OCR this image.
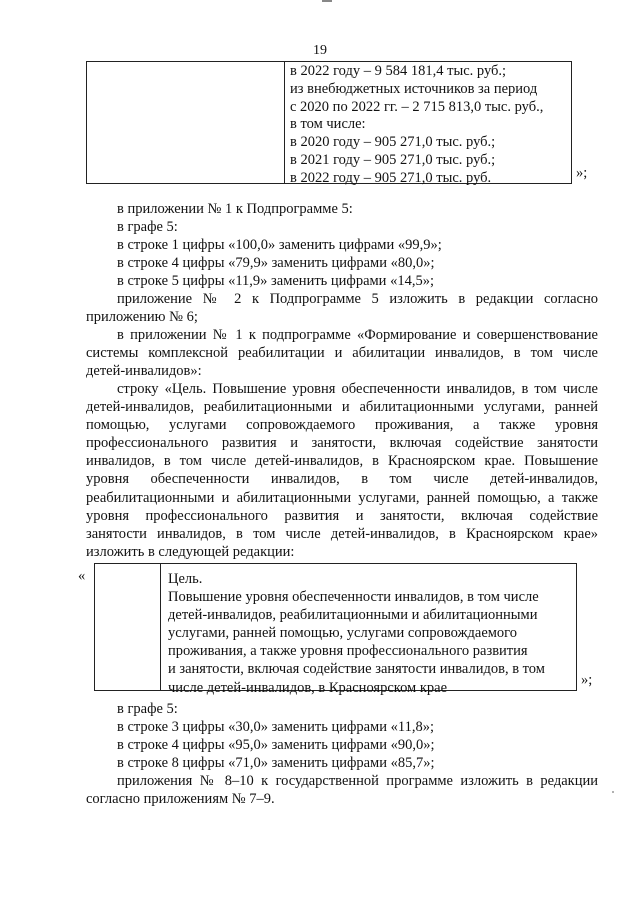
19
в 2022 году – 9 584 181,4 тыс. руб.;
из внебюджетных источников за период
с 2020 по 2022 гг. – 2 715 813,0 тыс. руб.,
в том числе:
в 2020 году – 905 271,0 тыс. руб.;
в 2021 году – 905 271,0 тыс. руб.;
в 2022 году – 905 271,0 тыс. руб.	»;
в приложении № 1 к Подпрограмме 5:
в графе 5:
в строке 1 цифры «100,0» заменить цифрами «99,9»;
в строке 4 цифры «79,9» заменить цифрами «80,0»;
в строке 5 цифры «11,9» заменить цифрами «14,5»;
приложение № 2 к Подпрограмме 5 изложить в редакции согласно
приложению № 6;
в приложении № 1 к подпрограмме «Формирование и совершенствование
системы комплексной реабилитации и абилитации инвалидов, в том числе
детей-инвалидов»:
строку «Цель. Повышение уровня обеспеченности инвалидов, в том числе
детей-инвалидов, реабилитационными и абилитационными услугами, ранней
помощью, услугами сопровождаемого проживания, а также уровня
профессионального развития и занятости, включая содействие занятости
инвалидов, в том числе детей-инвалидов, в Красноярском крае. Повышение
уровня обеспеченности инвалидов, в том числе детей-инвалидов,
реабилитационными и абилитационными услугами, ранней помощью, а также
уровня профессионального развития и занятости, включая содействие
занятости инвалидов, в том числе детей-инвалидов, в Красноярском крае»
изложить в следующей редакции:
«	Цель.
Повышение уровня обеспеченности инвалидов, в том числе
детей-инвалидов, реабилитационными и абилитационными
услугами, ранней помощью, услугами сопровождаемого
проживания, а также уровня профессионального развития
и занятости, включая содействие занятости инвалидов, в том
числе детей-инвалидов, в Красноярском крае	»;
в графе 5:
в строке 3 цифры «30,0» заменить цифрами «11,8»;
в строке 4 цифры «95,0» заменить цифрами «90,0»;
в строке 8 цифры «71,0» заменить цифрами «85,7»;
приложения № 8–10 к государственной программе изложить в редакции
согласно приложениям № 7–9.
